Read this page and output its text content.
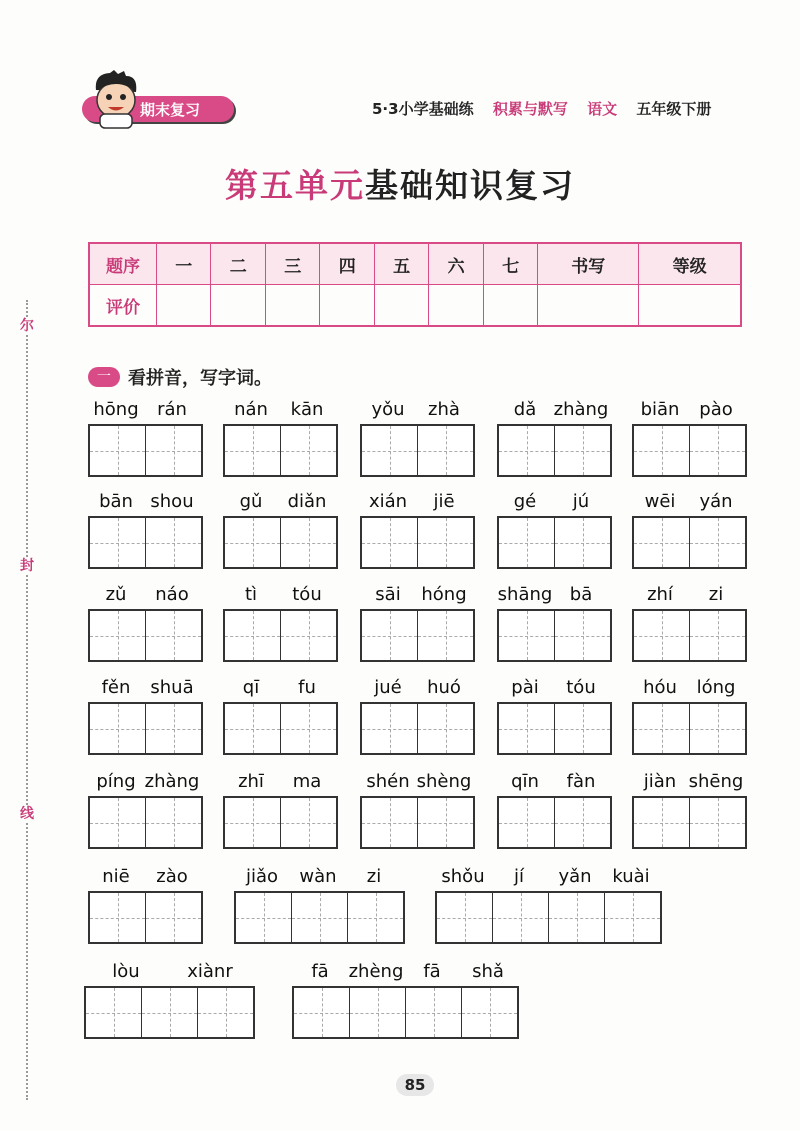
尔
封
线
期末复习	5·3小学基础练 积累与默写 语文 五年级下册
第五单元基础知识复习
题序	一	二	三	四	五	六	七	书写	等级
评价									
一 看拼音，写字词。
hōng	rán	nán	kān	yǒu	zhà	dǎ zhàng	biān	pào
bān shou	gǔ	diǎn	xián	jiē	gé	jú	wēi	yán
zǔ	náo	tì	tóu	sāi	hóng shāng bā	zhí	zi
fěn	shuā	qī	fu	jué	huó	pài	tóu	hóu	lóng
píng zhàng	zhī	ma	shén shèng	qīn	fàn	jiàn shēng
niē	zào	jiǎo	wàn	zi	shǒu	jí	yǎn	kuài
lòu	xiànr	fā	zhèng	fā	shǎ
85
